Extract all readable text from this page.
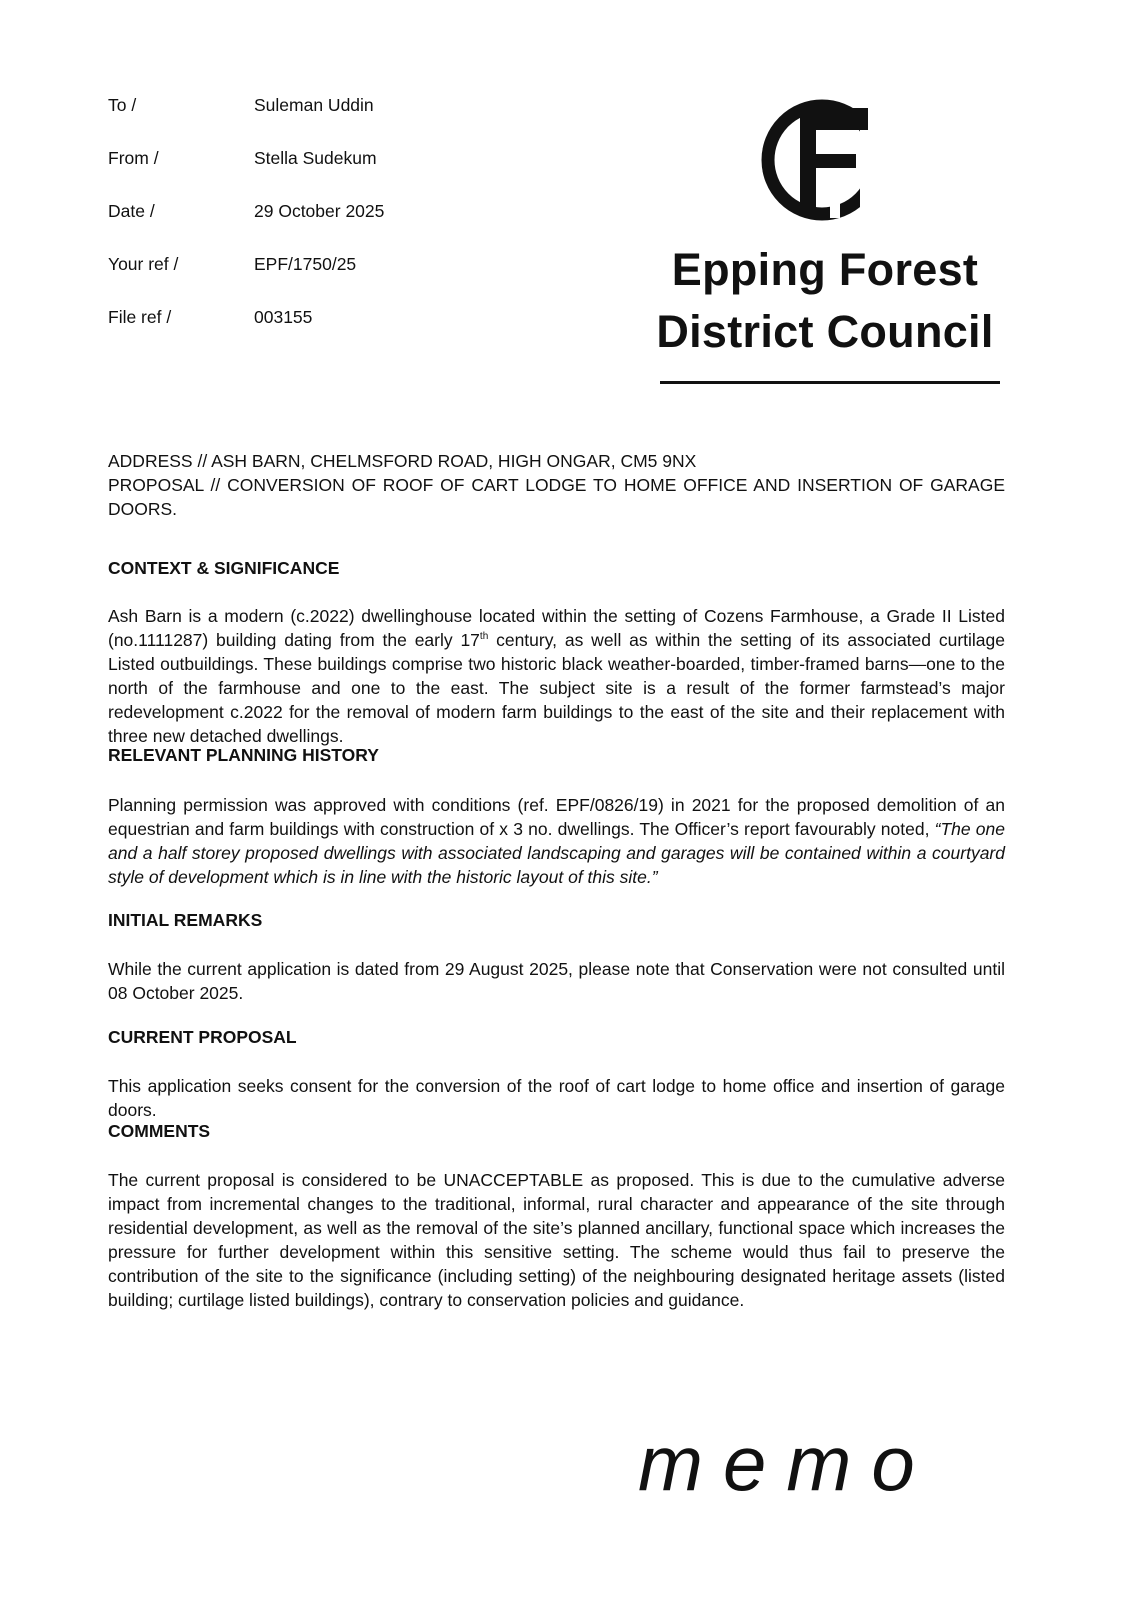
To /	Suleman Uddin
From /	Stella Sudekum
Date /	29 October 2025
Your ref /	EPF/1750/25
File ref /	003155
Epping Forest
District Council

ADDRESS // ASH BARN, CHELMSFORD ROAD, HIGH ONGAR, CM5 9NX

PROPOSAL // CONVERSION OF ROOF OF CART LODGE TO HOME OFFICE AND INSERTION OF GARAGE DOORS.

CONTEXT & SIGNIFICANCE

Ash Barn is a modern (c.2022) dwellinghouse located within the setting of Cozens Farmhouse, a Grade II Listed (no.1111287) building dating from the early 17th century, as well as within the setting of its associated curtilage Listed outbuildings. These buildings comprise two historic black weather-boarded, timber-framed barns—one to the north of the farmhouse and one to the east. The subject site is a result of the former farmstead’s major redevelopment c.2022 for the removal of modern farm buildings to the east of the site and their replacement with three new detached dwellings.

RELEVANT PLANNING HISTORY

Planning permission was approved with conditions (ref. EPF/0826/19) in 2021 for the proposed demolition of an equestrian and farm buildings with construction of x 3 no. dwellings. The Officer’s report favourably noted, “The one and a half storey proposed dwellings with associated landscaping and garages will be contained within a courtyard style of development which is in line with the historic layout of this site.”

INITIAL REMARKS

While the current application is dated from 29 August 2025, please note that Conservation were not consulted until 08 October 2025.

CURRENT PROPOSAL

This application seeks consent for the conversion of the roof of cart lodge to home office and insertion of garage doors.

COMMENTS

The current proposal is considered to be UNACCEPTABLE as proposed. This is due to the cumulative adverse impact from incremental changes to the traditional, informal, rural character and appearance of the site through residential development, as well as the removal of the site’s planned ancillary, functional space which increases the pressure for further development within this sensitive setting. The scheme would thus fail to preserve the contribution of the site to the significance (including setting) of the neighbouring designated heritage assets (listed building; curtilage listed buildings), contrary to conservation policies and guidance.

memo
